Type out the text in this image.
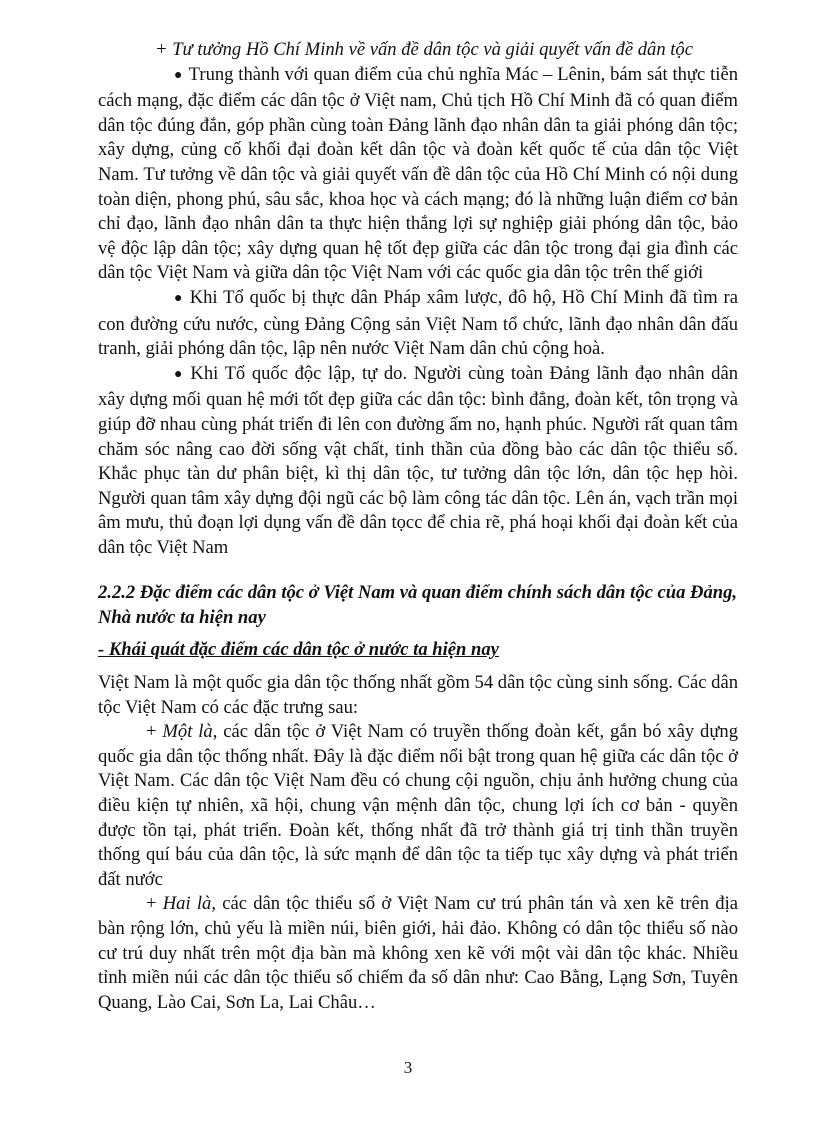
+ Tư tưởng Hồ Chí Minh về vấn đề dân tộc và giải quyết vấn đề dân tộc

● Trung thành với quan điểm của chủ nghĩa Mác – Lênin, bám sát thực tiễn cách mạng, đặc điểm các dân tộc ở Việt nam, Chủ tịch Hồ Chí Minh đã có quan điểm dân tộc đúng đắn, góp phần cùng toàn Đảng lãnh đạo nhân dân ta giải phóng dân tộc; xây dựng, củng cố khối đại đoàn kết dân tộc và đoàn kết quốc tế của dân tộc Việt Nam. Tư tưởng về dân tộc và giải quyết vấn đề dân tộc của Hồ Chí Minh có nội dung toàn diện, phong phú, sâu sắc, khoa học và cách mạng; đó là những luận điểm cơ bản chỉ đạo, lãnh đạo nhân dân ta thực hiện thắng lợi sự nghiệp giải phóng dân tộc, bảo vệ độc lập dân tộc; xây dựng quan hệ tốt đẹp giữa các dân tộc trong đại gia đình các dân tộc Việt Nam và giữa dân tộc Việt Nam với các quốc gia dân tộc trên thế giới

● Khi Tổ quốc bị thực dân Pháp xâm lược, đô hộ, Hồ Chí Minh đã tìm ra con đường cứu nước, cùng Đảng Cộng sản Việt Nam tổ chức, lãnh đạo nhân dân đấu tranh, giải phóng dân tộc, lập nên nước Việt Nam dân chủ cộng hoà.

● Khi Tổ quốc độc lập, tự do. Người cùng toàn Đảng lãnh đạo nhân dân xây dựng mối quan hệ mới tốt đẹp giữa các dân tộc: bình đẳng, đoàn kết, tôn trọng và giúp đỡ nhau cùng phát triển đi lên con đường ấm no, hạnh phúc. Người rất quan tâm chăm sóc nâng cao đời sống vật chất, tinh thần của đồng bào các dân tộc thiểu số. Khắc phục tàn dư phân biệt, kì thị dân tộc, tư tưởng dân tộc lớn, dân tộc hẹp hòi. Người quan tâm xây dựng đội ngũ các bộ làm công tác dân tộc. Lên án, vạch trần mọi âm mưu, thủ đoạn lợi dụng vấn đề dân tọcc để chia rẽ, phá hoại khối đại đoàn kết của dân tộc Việt Nam

2.2.2 Đặc điểm các dân tộc ở Việt Nam và quan điểm chính sách dân tộc của Đảng, Nhà nước ta hiện nay
- Khái quát đặc điểm các dân tộc ở nước ta hiện nay

Việt Nam là một quốc gia dân tộc thống nhất gồm 54 dân tộc cùng sinh sống. Các dân tộc Việt Nam có các đặc trưng sau:

+ Một là, các dân tộc ở Việt Nam có truyền thống đoàn kết, gắn bó xây dựng quốc gia dân tộc thống nhất. Đây là đặc điểm nổi bật trong quan hệ giữa các dân tộc ở Việt Nam. Các dân tộc Việt Nam đều có chung cội nguồn, chịu ảnh hưởng chung của điều kiện tự nhiên, xã hội, chung vận mệnh dân tộc, chung lợi ích cơ bản - quyền được tồn tại, phát triển. Đoàn kết, thống nhất đã trở thành giá trị tinh thần truyền thống quí báu của dân tộc, là sức mạnh để dân tộc ta tiếp tục xây dựng và phát triển đất nước

+ Hai là, các dân tộc thiểu số ở Việt Nam cư trú phân tán và xen kẽ trên địa bàn rộng lớn, chủ yếu là miền núi, biên giới, hải đảo. Không có dân tộc thiểu số nào cư trú duy nhất trên một địa bàn mà không xen kẽ với một vài dân tộc khác. Nhiều tỉnh miền núi các dân tộc thiểu số chiếm đa số dân như: Cao Bằng, Lạng Sơn, Tuyên Quang, Lào Cai, Sơn La, Lai Châu…

3
